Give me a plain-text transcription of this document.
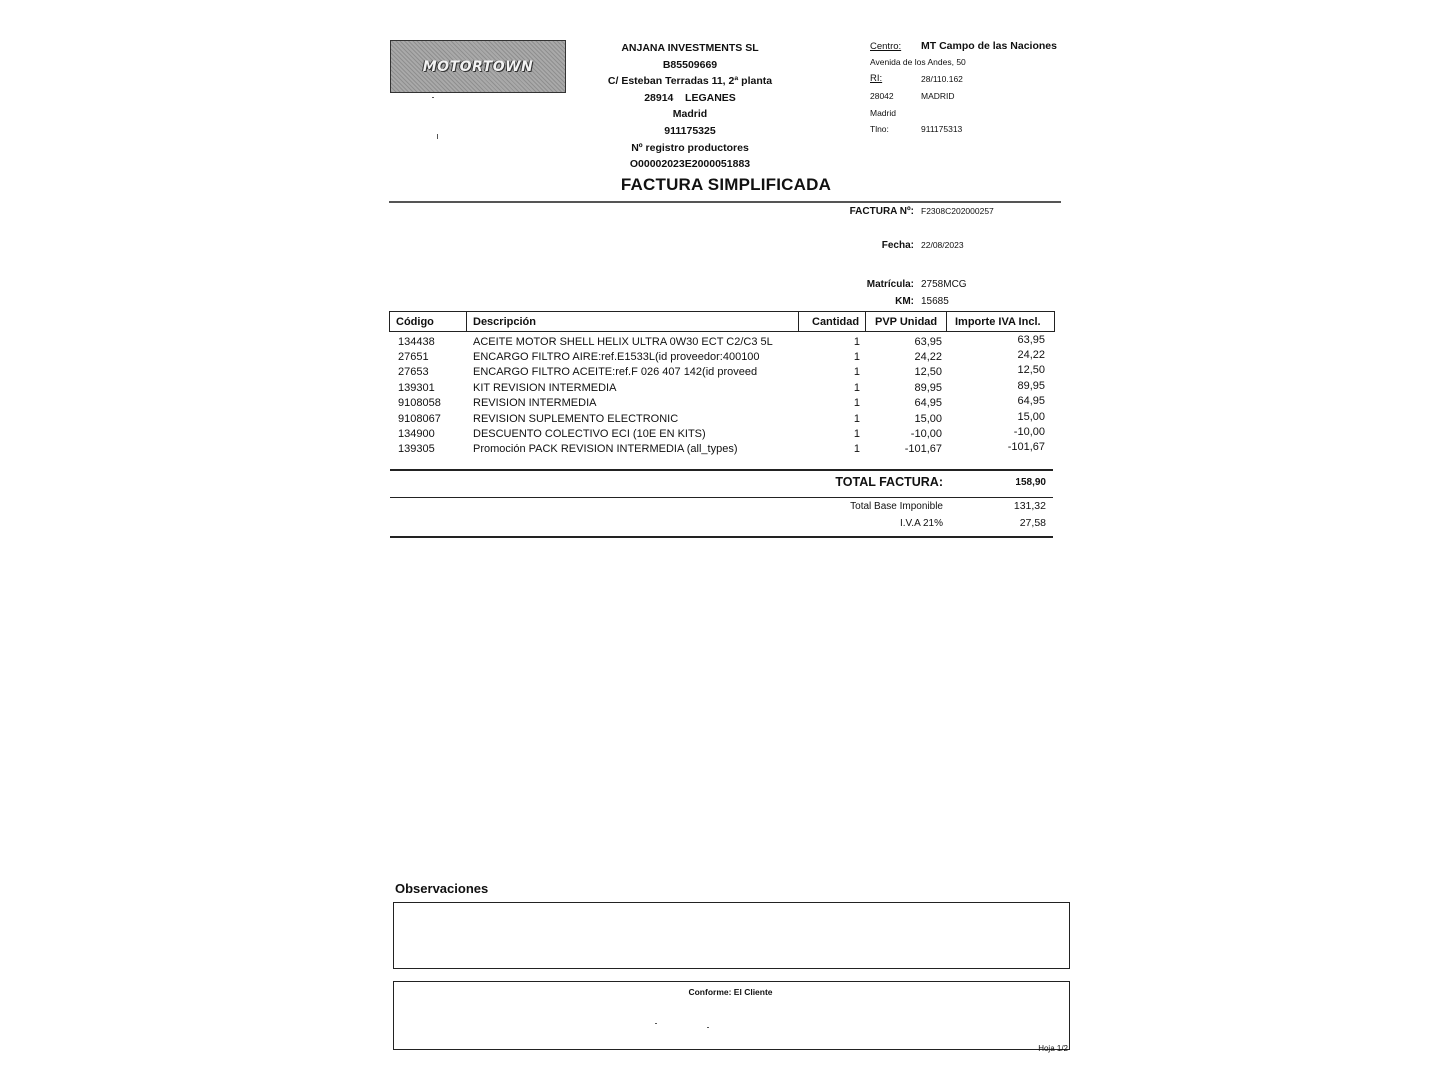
MOTORTOWN
ANJANA INVESTMENTS SL
B85509669
C/ Esteban Terradas 11, 2ª planta
28914    LEGANES
Madrid
911175325
Nº registro productores
O00002023E2000051883
Centro: MT Campo de las Naciones
Avenida de los Andes, 50
RI:	28/110.162
28042	MADRID
Madrid
Tlno:	911175313
FACTURA SIMPLIFICADA
FACTURA Nº: F2308C202000257
Fecha: 22/08/2023
Matrícula: 2758MCG
KM: 15685
Código	Descripción	Cantidad	PVP Unidad	Importe IVA Incl.
134438	ACEITE MOTOR SHELL HELIX ULTRA 0W30 ECT C2/C3 5L	1	63,95	63,95
27651	ENCARGO FILTRO AIRE:ref.E1533L(id proveedor:400100	1	24,22	24,22
27653	ENCARGO FILTRO ACEITE:ref.F 026 407 142(id proveed	1	12,50	12,50
139301	KIT REVISION INTERMEDIA	1	89,95	89,95
9108058	REVISION INTERMEDIA	1	64,95	64,95
9108067	REVISION SUPLEMENTO ELECTRONIC	1	15,00	15,00
134900	DESCUENTO COLECTIVO ECI (10E EN KITS)	1	-10,00	-10,00
139305	Promoción PACK REVISION INTERMEDIA (all_types)	1	-101,67	-101,67
TOTAL FACTURA:	158,90
Total Base Imponible	131,32
I.V.A 21%	27,58
Observaciones
Conforme: El Cliente
Hoja 1/2
